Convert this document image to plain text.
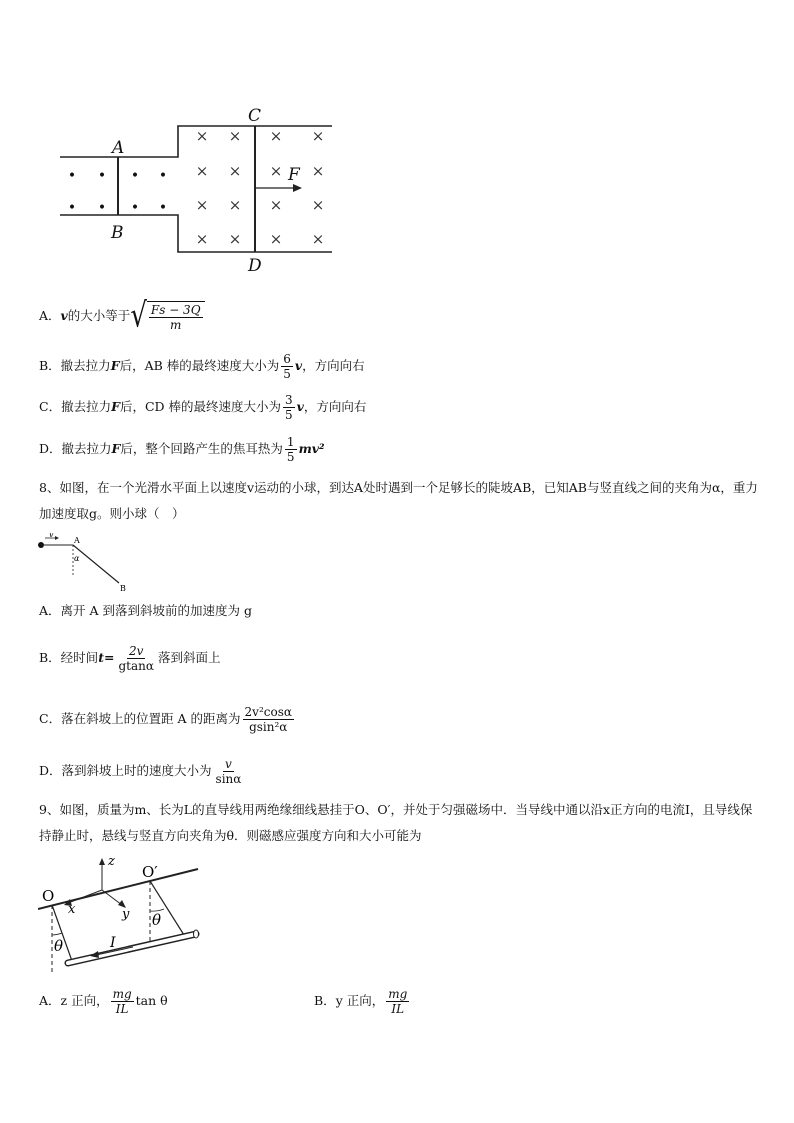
• • • •
• • • •
× × × ×
× × × ×
× × × ×
× × × ×
A
B
C
D
F
A． v 的大小等于 √ $\frac{Fs - 3Q}{m}$
B．撤去拉力 F 后，AB 棒的最终速度大小为 $\frac{6}{5}$ v ，方向向右
C．撤去拉力 F 后，CD 棒的最终速度大小为 $\frac{3}{5}$ v ，方向向右
D．撤去拉力 F 后，整个回路产生的焦耳热为 $\frac{1}{5} mv^2$
8、如图，在一个光滑水平面上以速度v运动的小球，到达A处时遇到一个足够长的陡坡AB，已知AB与竖直线之间的夹角为α，重力加速度取g。则小球（　）
v
A
α
B
A．离开 A 到落到斜坡前的加速度为 g
B．经时间 $t= \frac{2v}{gtan\alpha}$ 落到斜面上
C．落在斜坡上的位置距 A 的距离为 $\frac{\text{2v²cosα}}{\text{gsin²α}}$
D．落到斜坡上时的速度大小为 $\frac{v}{\sin\alpha}$
9、如图，质量为m、长为L的直导线用两绝缘细线悬挂于O、O′，并处于匀强磁场中．当导线中通以沿x正方向的电流I，且导线保持静止时，悬线与竖直方向夹角为θ．则磁感应强度方向和大小可能为
O
O′
z
x	y
θ
θ
I
A． z 正向， $\frac{mg}{IL}$ tan θ	B． y 正向， $\frac{mg}{IL}$
